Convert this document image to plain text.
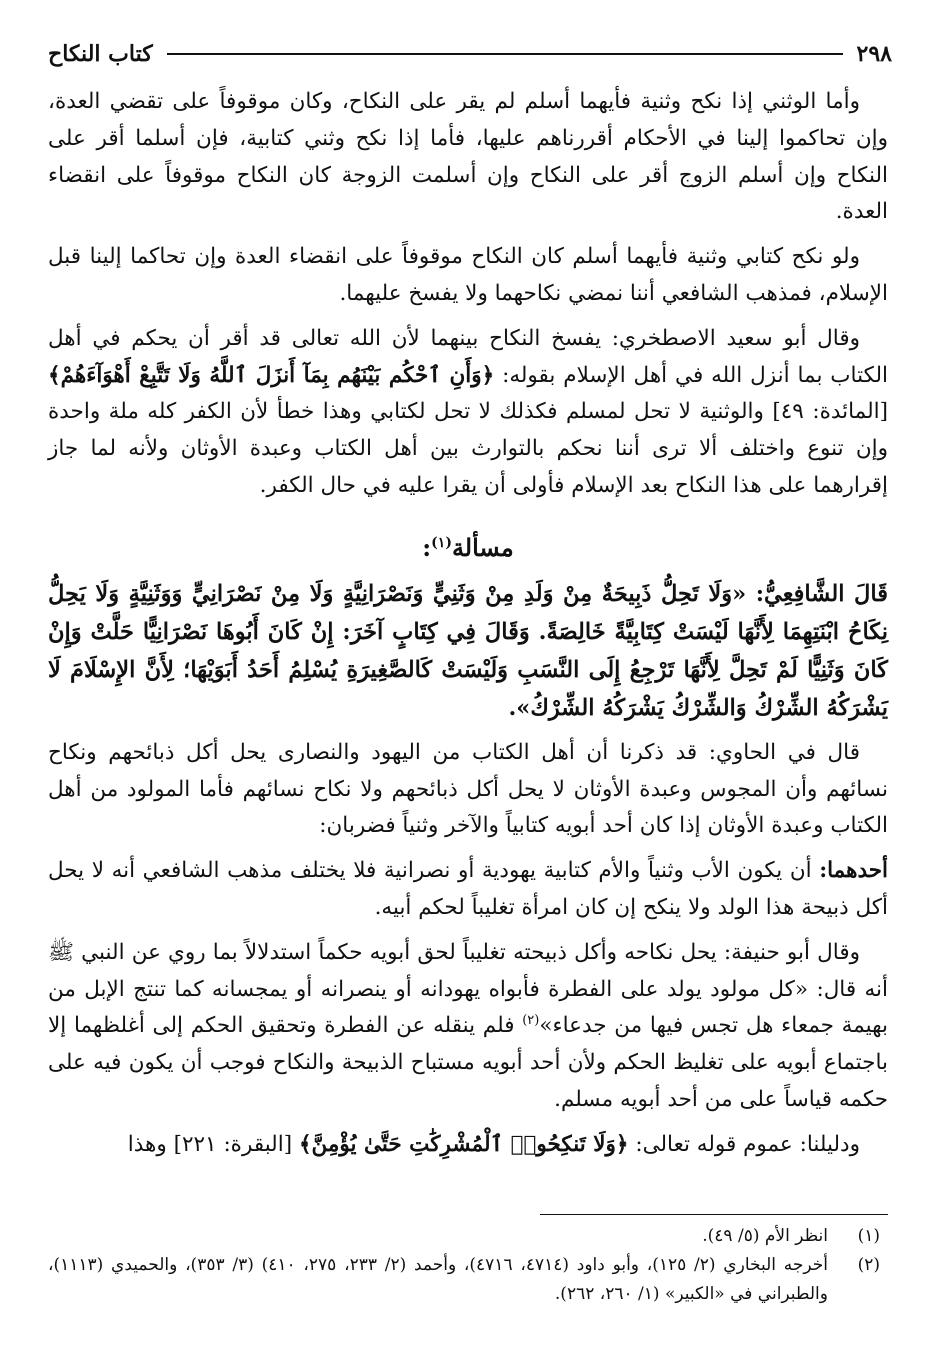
٢٩٨
كتاب النكاح

وأما الوثني إذا نكح وثنية فأيهما أسلم لم يقر على النكاح، وكان موقوفاً على تقضي العدة، وإن تحاكموا إلينا في الأحكام أقررناهم عليها، فأما إذا نكح وثني كتابية، فإن أسلما أقر على النكاح وإن أسلم الزوج أقر على النكاح وإن أسلمت الزوجة كان النكاح موقوفاً على انقضاء العدة.

ولو نكح كتابي وثنية فأيهما أسلم كان النكاح موقوفاً على انقضاء العدة وإن تحاكما إلينا قبل الإسلام، فمذهب الشافعي أننا نمضي نكاحهما ولا يفسخ عليهما.

وقال أبو سعيد الاصطخري: يفسخ النكاح بينهما لأن الله تعالى قد أقر أن يحكم في أهل الكتاب بما أنزل الله في أهل الإسلام بقوله: ﴿وَأَنِ ٱحْكُم بَيْنَهُم بِمَآ أَنزَلَ ٱللَّهُ وَلَا تَتَّبِعْ أَهْوَآءَهُمْ﴾ [المائدة: ٤٩] والوثنية لا تحل لمسلم فكذلك لا تحل لكتابي وهذا خطأ لأن الكفر كله ملة واحدة وإن تنوع واختلف ألا ترى أننا نحكم بالتوارث بين أهل الكتاب وعبدة الأوثان ولأنه لما جاز إقرارهما على هذا النكاح بعد الإسلام فأولى أن يقرا عليه في حال الكفر.

مسألة$^{(١)}$:

قَالَ الشَّافِعِيُّ: «وَلَا تَحِلُّ ذَبِيحَةٌ مِنْ وَلَدِ مِنْ وَثَنِيٍّ وَنَصْرَانِيَّةٍ وَلَا مِنْ نَصْرَانِيٍّ وَوَثَنِيَّةٍ وَلَا يَحِلُّ نِكَاحُ ابْنَتِهِمَا لِأَنَّهَا لَيْسَتْ كِتَابِيَّةً خَالِصَةً. وَقَالَ فِي كِتَابٍ آخَرَ: إِنْ كَانَ أَبُوهَا نَصْرَانِيًّا حَلَّتْ وَإِنْ كَانَ وَثَنِيًّا لَمْ تَحِلَّ لِأَنَّهَا تَرْجِعُ إِلَى النَّسَبِ وَلَيْسَتْ كَالصَّغِيرَةِ يُسْلِمُ أَحَدُ أَبَوَيْهَا؛ لِأَنَّ الإِسْلَامَ لَا يَشْرَكُهُ الشِّرْكُ وَالشِّرْكُ يَشْرَكُهُ الشِّرْكُ».

قال في الحاوي: قد ذكرنا أن أهل الكتاب من اليهود والنصارى يحل أكل ذبائحهم ونكاح نسائهم وأن المجوس وعبدة الأوثان لا يحل أكل ذبائحهم ولا نكاح نسائهم فأما المولود من أهل الكتاب وعبدة الأوثان إذا كان أحد أبويه كتابياً والآخر وثنياً فضربان:

أحدهما: أن يكون الأب وثنياً والأم كتابية يهودية أو نصرانية فلا يختلف مذهب الشافعي أنه لا يحل أكل ذبيحة هذا الولد ولا ينكح إن كان امرأة تغليباً لحكم أبيه.

وقال أبو حنيفة: يحل نكاحه وأكل ذبيحته تغليباً لحق أبويه حكماً استدلالاً بما روي عن النبي ﷺ أنه قال: «كل مولود يولد على الفطرة فأبواه يهودانه أو ينصرانه أو يمجسانه كما تنتج الإبل من بهيمة جمعاء هل تجس فيها من جدعاء»$^{(٢)}$ فلم ينقله عن الفطرة وتحقيق الحكم إلى أغلظهما إلا باجتماع أبويه على تغليظ الحكم ولأن أحد أبويه مستباح الذبيحة والنكاح فوجب أن يكون فيه على حكمه قياساً على من أحد أبويه مسلم.

ودليلنا: عموم قوله تعالى: ﴿وَلَا تَنكِحُوا۟ ٱلْمُشْرِكَٰتِ حَتَّىٰ يُؤْمِنَّ﴾ [البقرة: ٢٢١] وهذا

(١)
انظر الأم (٥/ ٤٩).
(٢)
أخرجه البخاري (٢/ ١٢٥)، وأبو داود (٤٧١٤، ٤٧١٦)، وأحمد (٢/ ٢٣٣، ٢٧٥، ٤١٠) (٣/ ٣٥٣)، والحميدي (١١١٣)، والطبراني في «الكبير» (١/ ٢٦٠، ٢٦٢).
